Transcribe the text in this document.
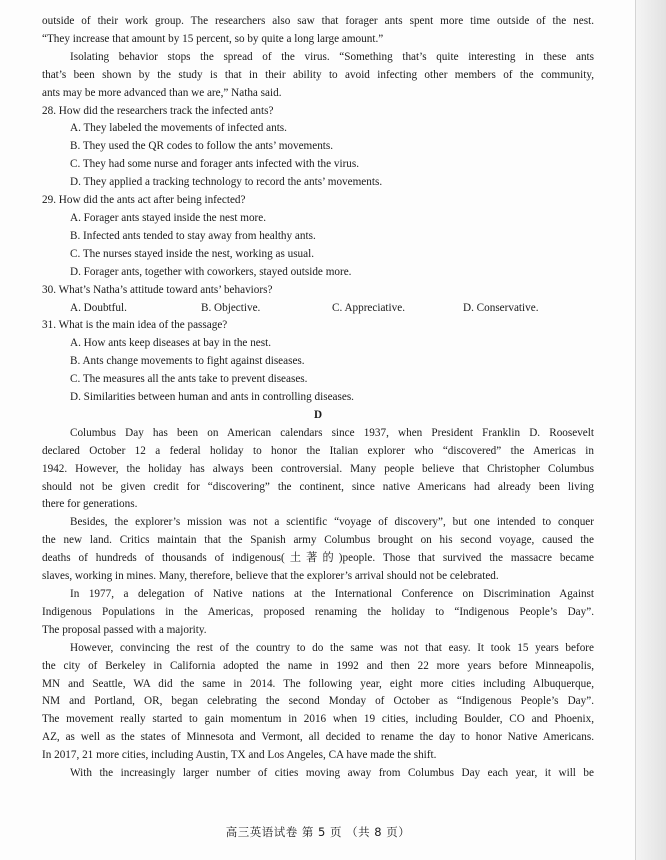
outside of their work group. The researchers also saw that forager ants spent more time outside of the nest.

“They increase that amount by 15 percent, so by quite a long large amount.”

Isolating behavior stops the spread of the virus. “Something that’s quite interesting in these ants

that’s been shown by the study is that in their ability to avoid infecting other members of the community,

ants may be more advanced than we are,” Natha said.

28. How did the researchers track the infected ants?

A. They labeled the movements of infected ants.

B. They used the QR codes to follow the ants’ movements.

C. They had some nurse and forager ants infected with the virus.

D. They applied a tracking technology to record the ants’ movements.

29. How did the ants act after being infected?

A. Forager ants stayed inside the nest more.

B. Infected ants tended to stay away from healthy ants.

C. The nurses stayed inside the nest, working as usual.

D. Forager ants, together with coworkers, stayed outside more.

30. What’s Natha’s attitude toward ants’ behaviors?

A. Doubtful.	B. Objective.	C. Appreciative.	D. Conservative.

31. What is the main idea of the passage?

A. How ants keep diseases at bay in the nest.

B. Ants change movements to fight against diseases.

C. The measures all the ants take to prevent diseases.

D. Similarities between human and ants in controlling diseases.

D

Columbus Day has been on American calendars since 1937, when President Franklin D. Roosevelt

declared October 12 a federal holiday to honor the Italian explorer who “discovered” the Americas in

1942. However, the holiday has always been controversial. Many people believe that Christopher Columbus

should not be given credit for “discovering” the continent, since native Americans had already been living

there for generations.

Besides, the explorer’s mission was not a scientific “voyage of discovery”, but one intended to conquer

the new land. Critics maintain that the Spanish army Columbus brought on his second voyage, caused the

deaths of hundreds of thousands of indigenous(土著的)people. Those that survived the massacre became

slaves, working in mines. Many, therefore, believe that the explorer’s arrival should not be celebrated.

In 1977, a delegation of Native nations at the International Conference on Discrimination Against

Indigenous Populations in the Americas, proposed renaming the holiday to “Indigenous People’s Day”.

The proposal passed with a majority.

However, convincing the rest of the country to do the same was not that easy. It took 15 years before

the city of Berkeley in California adopted the name in 1992 and then 22 more years before Minneapolis,

MN and Seattle, WA did the same in 2014. The following year, eight more cities including Albuquerque,

NM and Portland, OR, began celebrating the second Monday of October as “Indigenous People’s Day”.

The movement really started to gain momentum in 2016 when 19 cities, including Boulder, CO and Phoenix,

AZ, as well as the states of Minnesota and Vermont, all decided to rename the day to honor Native Americans.

In 2017, 21 more cities, including Austin, TX and Los Angeles, CA have made the shift.

With the increasingly larger number of cities moving away from Columbus Day each year, it will be

高三英语试卷 第 5 页 （共 8 页）
